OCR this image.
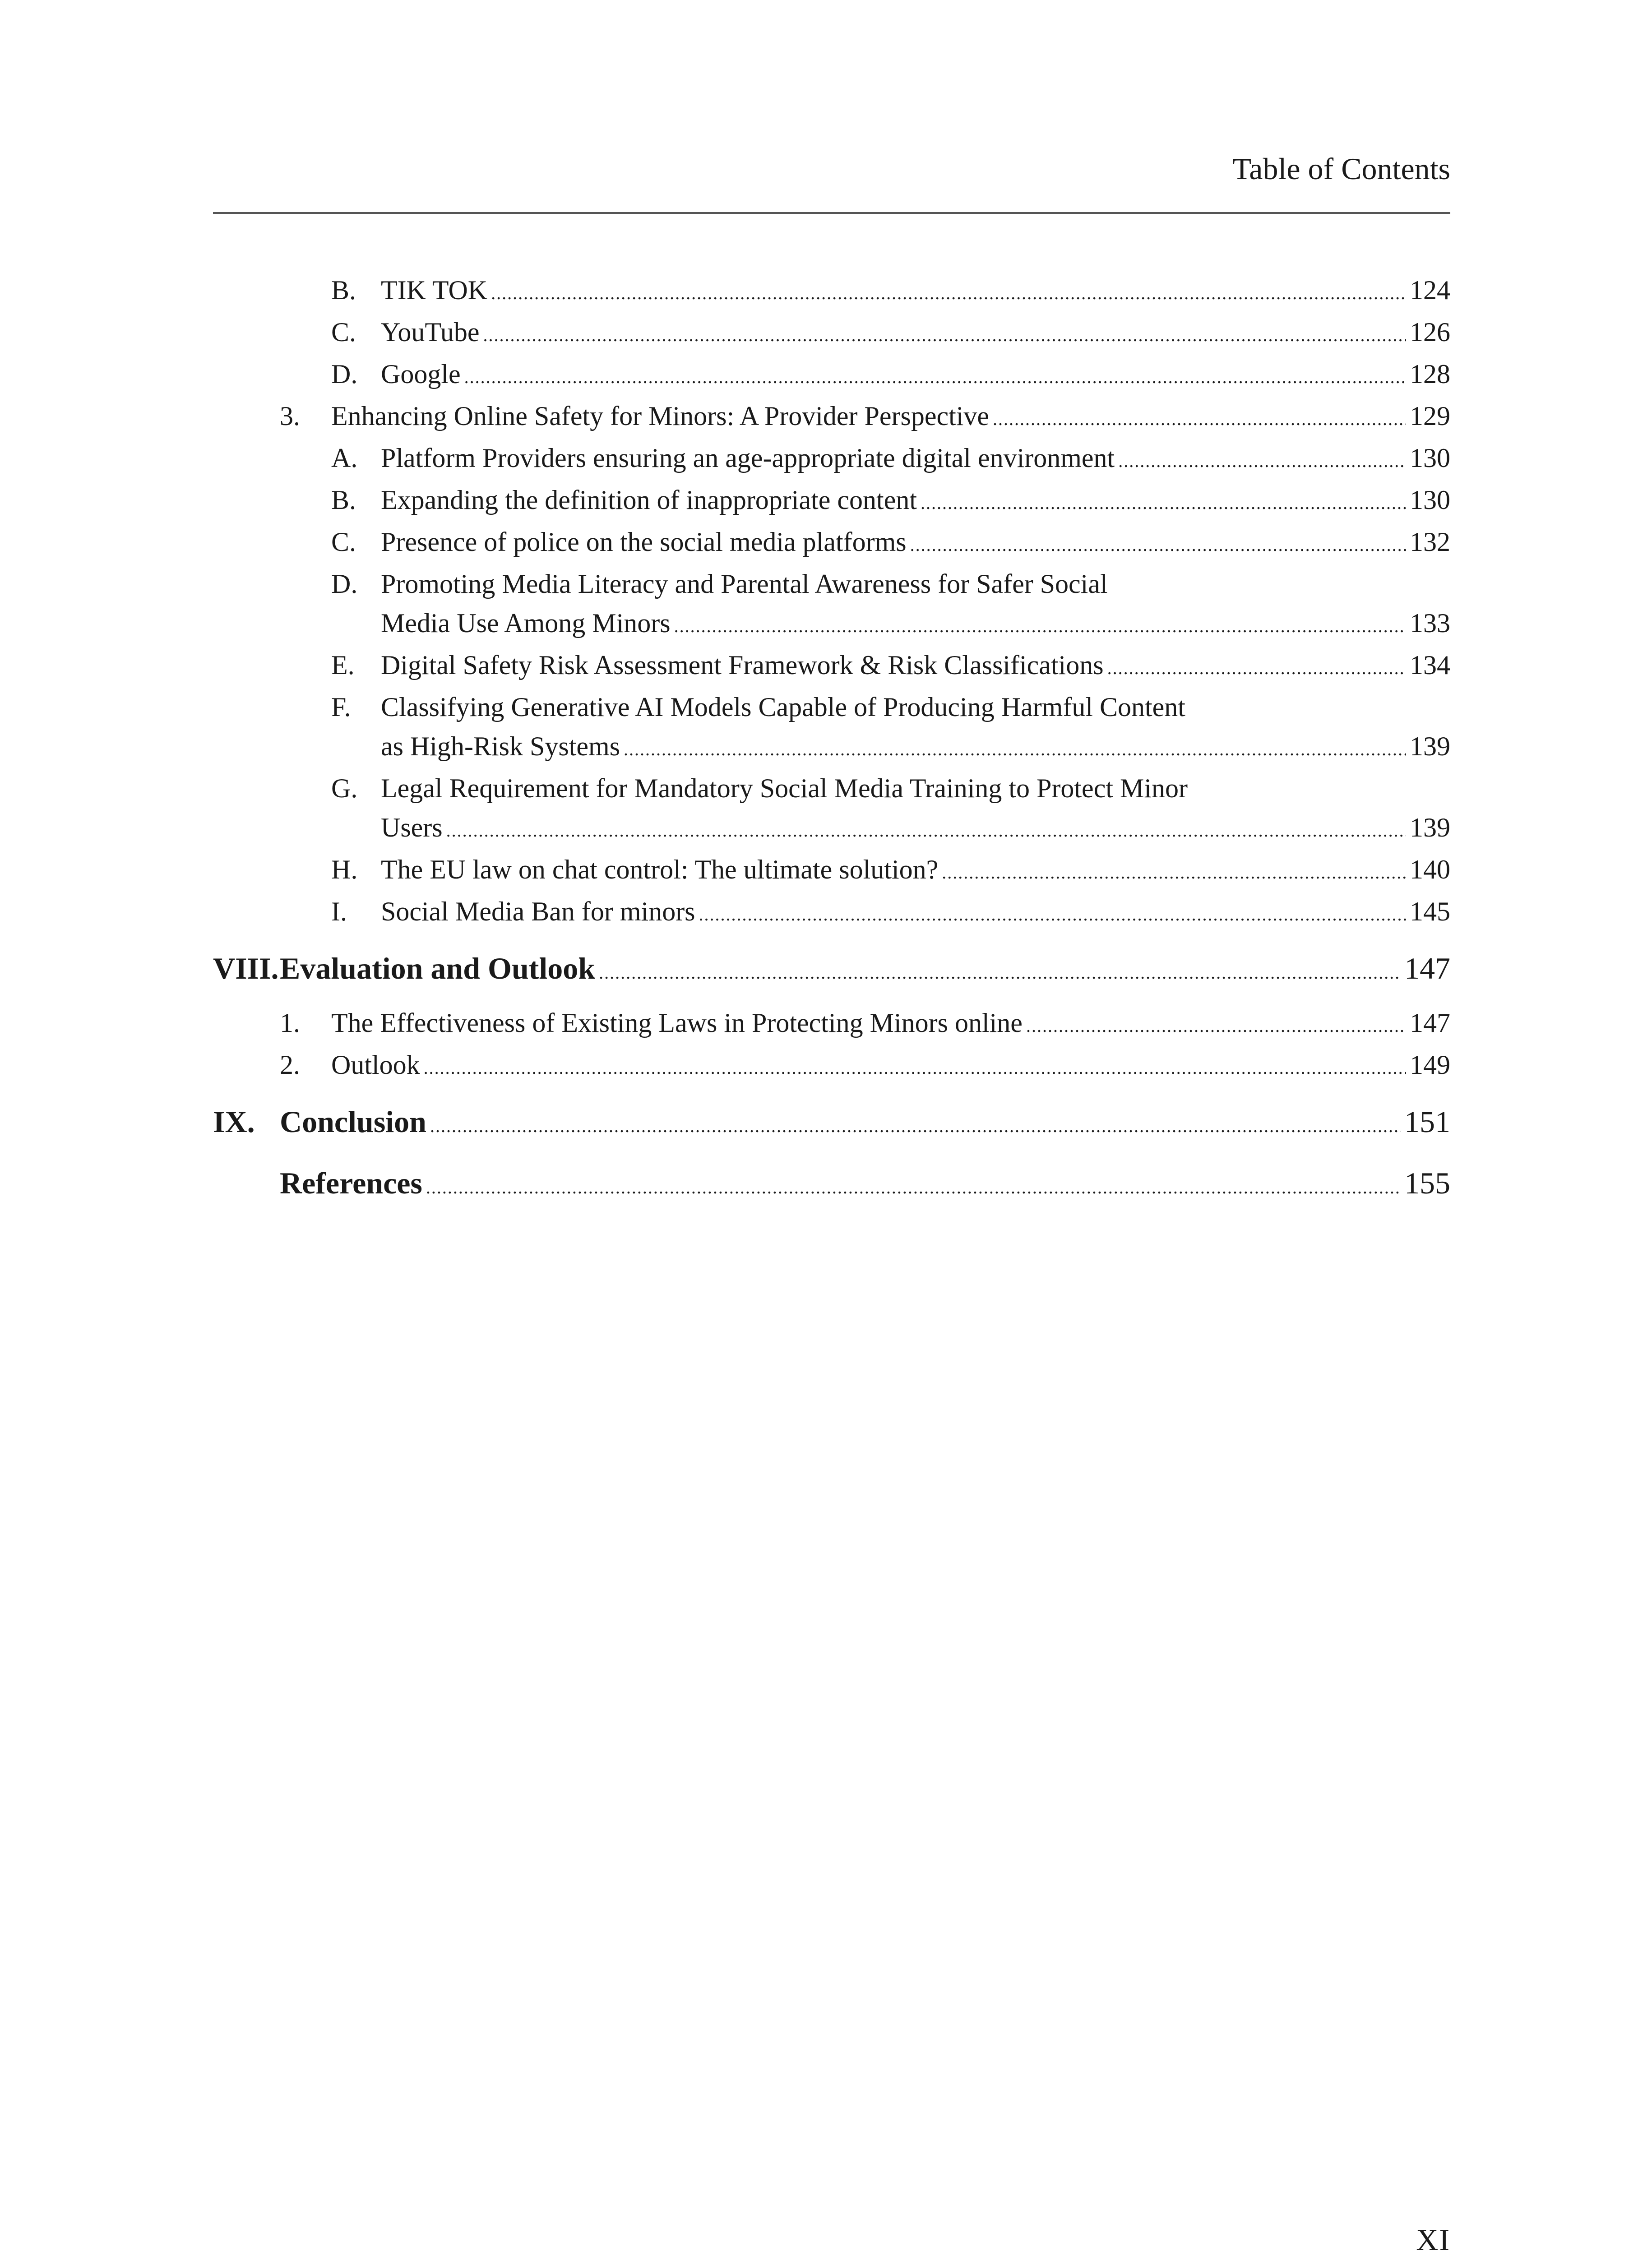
Table of Contents
B. TIK TOK .....	124
C. YouTube .....	126
D. Google .....	128
3. Enhancing Online Safety for Minors: A Provider Perspective .....	129
A. Platform Providers ensuring an age-appropriate digital environment .....	130
B. Expanding the definition of inappropriate content .....	130
C. Presence of police on the social media platforms .....	132
D. Promoting Media Literacy and Parental Awareness for Safer Social
Media Use Among Minors .....	133
E. Digital Safety Risk Assessment Framework & Risk Classifications .....	134
F. Classifying Generative AI Models Capable of Producing Harmful Content
as High-Risk Systems .....	139
G. Legal Requirement for Mandatory Social Media Training to Protect Minor
Users .....	139
H. The EU law on chat control: The ultimate solution? .....	140
I. Social Media Ban for minors .....	145
VIII. Evaluation and Outlook .....	147
1. The Effectiveness of Existing Laws in Protecting Minors online .....	147
2. Outlook .....	149
IX. Conclusion .....	151
References .....	155
XI
